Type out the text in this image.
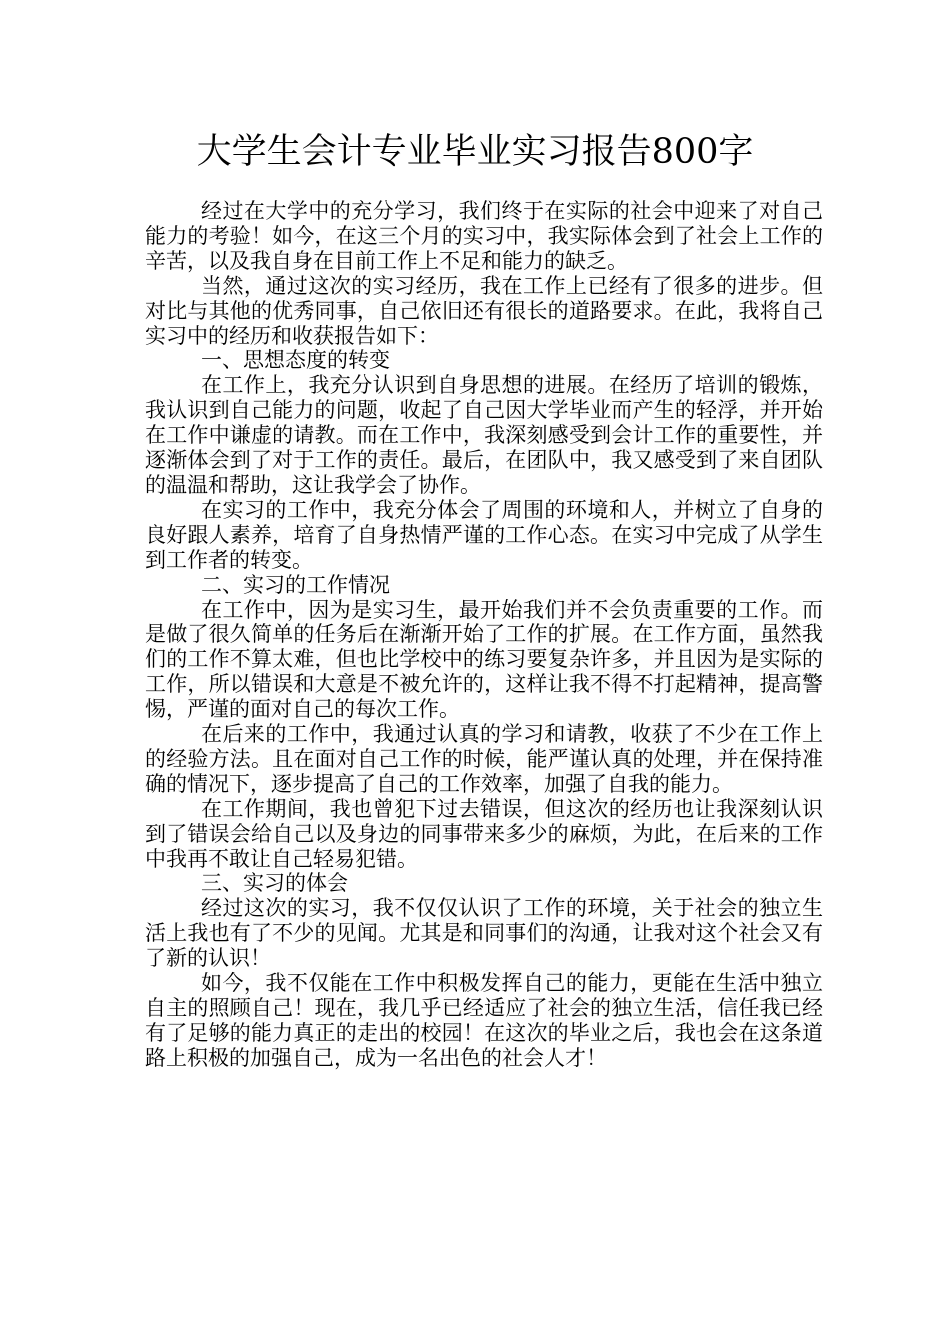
大学生会计专业毕业实习报告800字

经过在大学中的充分学习，我们终于在实际的社会中迎来了对自己能力的考验！如今，在这三个月的实习中，我实际体会到了社会上工作的辛苦，以及我自身在目前工作上不足和能力的缺乏。

当然，通过这次的实习经历，我在工作上已经有了很多的进步。但对比与其他的优秀同事，自己依旧还有很长的道路要求。在此，我将自己实习中的经历和收获报告如下：

一、思想态度的转变

在工作上，我充分认识到自身思想的进展。在经历了培训的锻炼，我认识到自己能力的问题，收起了自己因大学毕业而产生的轻浮，并开始在工作中谦虚的请教。而在工作中，我深刻感受到会计工作的重要性，并逐渐体会到了对于工作的责任。最后，在团队中，我又感受到了来自团队的温温和帮助，这让我学会了协作。

在实习的工作中，我充分体会了周围的环境和人，并树立了自身的良好跟人素养，培育了自身热情严谨的工作心态。在实习中完成了从学生到工作者的转变。

二、实习的工作情况

在工作中，因为是实习生，最开始我们并不会负责重要的工作。而是做了很久简单的任务后在渐渐开始了工作的扩展。在工作方面，虽然我们的工作不算太难，但也比学校中的练习要复杂许多，并且因为是实际的工作，所以错误和大意是不被允许的，这样让我不得不打起精神，提高警惕，严谨的面对自己的每次工作。

在后来的工作中，我通过认真的学习和请教，收获了不少在工作上的经验方法。且在面对自己工作的时候，能严谨认真的处理，并在保持准确的情况下，逐步提高了自己的工作效率，加强了自我的能力。

在工作期间，我也曾犯下过去错误，但这次的经历也让我深刻认识到了错误会给自己以及身边的同事带来多少的麻烦，为此，在后来的工作中我再不敢让自己轻易犯错。

三、实习的体会

经过这次的实习，我不仅仅认识了工作的环境，关于社会的独立生活上我也有了不少的见闻。尤其是和同事们的沟通，让我对这个社会又有了新的认识！

如今，我不仅能在工作中积极发挥自己的能力，更能在生活中独立自主的照顾自己！现在，我几乎已经适应了社会的独立生活，信任我已经有了足够的能力真正的走出的校园！在这次的毕业之后，我也会在这条道路上积极的加强自己，成为一名出色的社会人才！
